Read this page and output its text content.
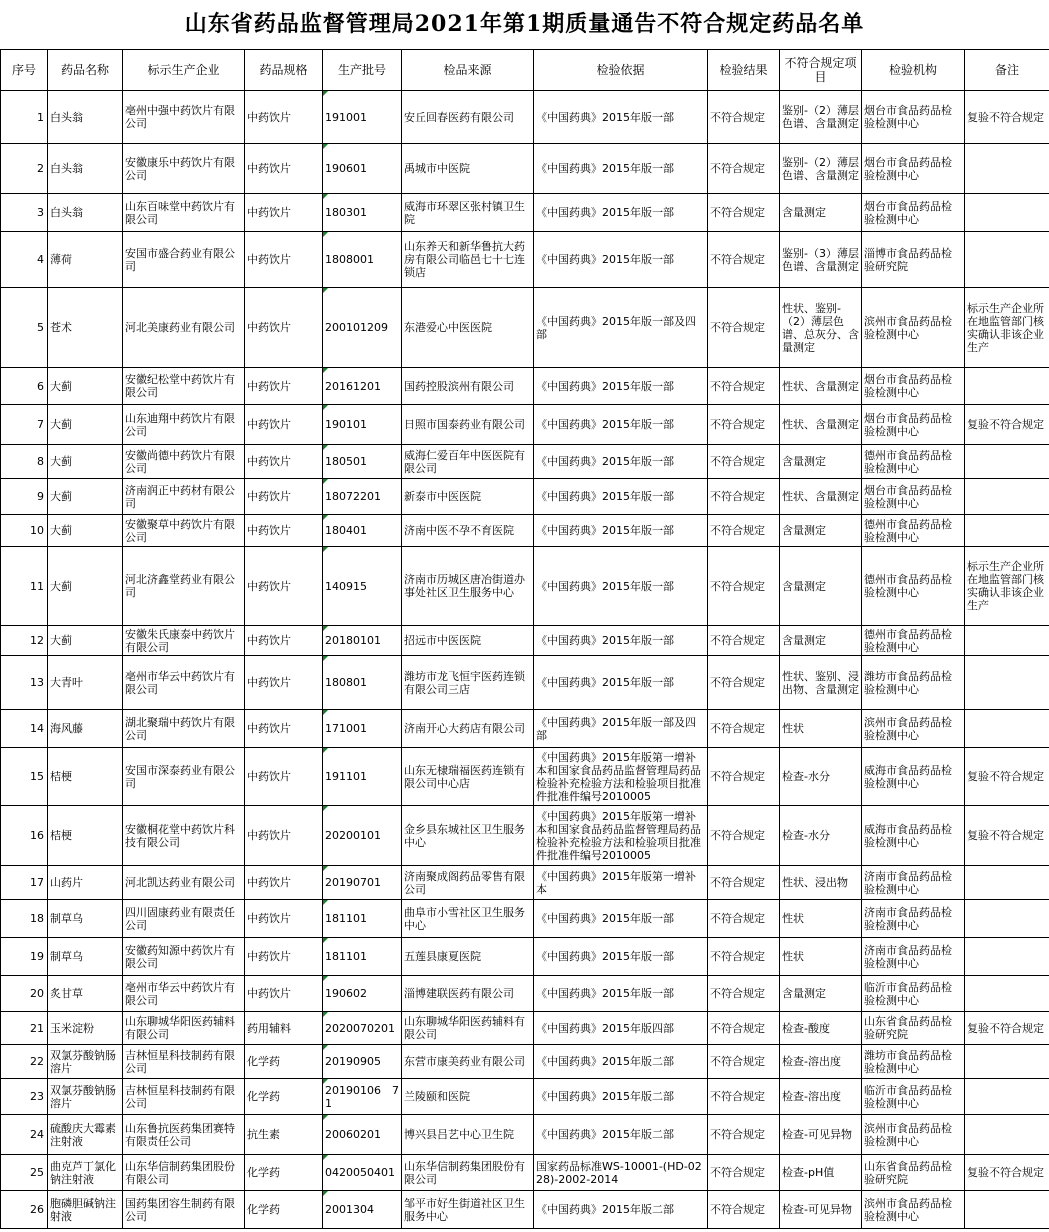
山东省药品监督管理局2021年第1期质量通告不符合规定药品名单
序号	药品名称	标示生产企业	药品规格	生产批号	检品来源	检验依据	检验结果	不符合规定项目	检验机构	备注
1	白头翁	亳州中强中药饮片有限公司	中药饮片	191001	安丘回春医药有限公司	《中国药典》2015年版一部	不符合规定	鉴别-（2）薄层色谱、含量测定	烟台市食品药品检验检测中心	复验不符合规定
2	白头翁	安徽康乐中药饮片有限公司	中药饮片	190601	禹城市中医院	《中国药典》2015年版一部	不符合规定	鉴别-（2）薄层色谱、含量测定	烟台市食品药品检验检测中心	
3	白头翁	山东百味堂中药饮片有限公司	中药饮片	180301	威海市环翠区张村镇卫生院	《中国药典》2015年版一部	不符合规定	含量测定	烟台市食品药品检验检测中心	
4	薄荷	安国市盛合药业有限公司	中药饮片	1808001	山东养天和新华鲁抗大药房有限公司临邑七十七连锁店	《中国药典》2015年版一部	不符合规定	鉴别-（3）薄层色谱、含量测定	淄博市食品药品检验研究院	
5	苍术	河北美康药业有限公司	中药饮片	200101209	东港爱心中医医院	《中国药典》2015年版一部及四部	不符合规定	性状、鉴别-（2）薄层色谱、总灰分、含量测定	滨州市食品药品检验检测中心	标示生产企业所在地监管部门核实确认非该企业生产
6	大蓟	安徽纪松堂中药饮片有限公司	中药饮片	20161201	国药控股滨州有限公司	《中国药典》2015年版一部	不符合规定	性状、含量测定	烟台市食品药品检验检测中心	
7	大蓟	山东迪翔中药饮片有限公司	中药饮片	190101	日照市国泰药业有限公司	《中国药典》2015年版一部	不符合规定	性状、含量测定	烟台市食品药品检验检测中心	复验不符合规定
8	大蓟	安徽尚德中药饮片有限公司	中药饮片	180501	威海仁爱百年中医医院有限公司	《中国药典》2015年版一部	不符合规定	含量测定	德州市食品药品检验检测中心	
9	大蓟	济南润正中药材有限公司	中药饮片	18072201	新泰市中医医院	《中国药典》2015年版一部	不符合规定	性状、含量测定	烟台市食品药品检验检测中心	
10	大蓟	安徽聚草中药饮片有限公司	中药饮片	180401	济南中医不孕不育医院	《中国药典》2015年版一部	不符合规定	含量测定	德州市食品药品检验检测中心	
11	大蓟	河北济鑫堂药业有限公司	中药饮片	140915	济南市历城区唐冶街道办事处社区卫生服务中心	《中国药典》2015年版一部	不符合规定	含量测定	德州市食品药品检验检测中心	标示生产企业所在地监管部门核实确认非该企业生产
12	大蓟	安徽朱氏康泰中药饮片有限公司	中药饮片	20180101	招远市中医医院	《中国药典》2015年版一部	不符合规定	含量测定	德州市食品药品检验检测中心	
13	大青叶	亳州市华云中药饮片有限公司	中药饮片	180801	潍坊市龙飞恒宇医药连锁有限公司三店	《中国药典》2015年版一部	不符合规定	性状、鉴别、浸出物、含量测定	潍坊市食品药品检验检测中心	
14	海风藤	湖北聚瑞中药饮片有限公司	中药饮片	171001	济南开心大药店有限公司	《中国药典》2015年版一部及四部	不符合规定	性状	滨州市食品药品检验检测中心	
15	桔梗	安国市深泰药业有限公司	中药饮片	191101	山东无棣瑞福医药连锁有限公司中心店	《中国药典》2015年版第一增补本和国家食品药品监督管理局药品检验补充检验方法和检验项目批准件批准件编号2010005	不符合规定	检查-水分	威海市食品药品检验检测中心	复验不符合规定
16	桔梗	安徽桐花堂中药饮片科技有限公司	中药饮片	20200101	金乡县东城社区卫生服务中心	《中国药典》2015年版第一增补本和国家食品药品监督管理局药品检验补充检验方法和检验项目批准件批准件编号2010005	不符合规定	检查-水分	威海市食品药品检验检测中心	复验不符合规定
17	山药片	河北凯达药业有限公司	中药饮片	20190701	济南聚成阁药品零售有限公司	《中国药典》2015年版第一增补本	不符合规定	性状、浸出物	济南市食品药品检验检测中心	
18	制草乌	四川固康药业有限责任公司	中药饮片	181101	曲阜市小雪社区卫生服务中心	《中国药典》2015年版一部	不符合规定	性状	济南市食品药品检验检测中心	
19	制草乌	安徽药知源中药饮片有限公司	中药饮片	181101	五莲县康夏医院	《中国药典》2015年版一部	不符合规定	性状	济南市食品药品检验检测中心	
20	炙甘草	亳州市华云中药饮片有限公司	中药饮片	190602	淄博建联医药有限公司	《中国药典》2015年版一部	不符合规定	含量测定	临沂市食品药品检验检测中心	
21	玉米淀粉	山东聊城华阳医药辅料有限公司	药用辅料	2020070201	山东聊城华阳医药辅料有限公司	《中国药典》2015年版四部	不符合规定	检查-酸度	山东省食品药品检验研究院	复验不符合规定
22	双氯芬酸钠肠溶片	吉林恒星科技制药有限公司	化学药	20190905	东营市康美药业有限公司	《中国药典》2015年版二部	不符合规定	检查-溶出度	潍坊市食品药品检验检测中心	
23	双氯芬酸钠肠溶片	吉林恒星科技制药有限公司	化学药	20190106　71	兰陵颐和医院	《中国药典》2015年版二部	不符合规定	检查-溶出度	临沂市食品药品检验检测中心	
24	硫酸庆大霉素注射液	山东鲁抗医药集团赛特有限责任公司	抗生素	20060201	博兴县吕艺中心卫生院	《中国药典》2015年版二部	不符合规定	检查-可见异物	滨州市食品药品检验检测中心	
25	曲克芦丁氯化钠注射液	山东华信制药集团股份有限公司	化学药	0420050401	山东华信制药集团股份有限公司	国家药品标准WS-10001-(HD-0228)-2002-2014	不符合规定	检查-pH值	山东省食品药品检验研究院	复验不符合规定
26	胞磷胆碱钠注射液	国药集团容生制药有限公司	化学药	2001304	邹平市好生街道社区卫生服务中心	《中国药典》2015年版二部	不符合规定	检查-可见异物	滨州市食品药品检验检测中心	
